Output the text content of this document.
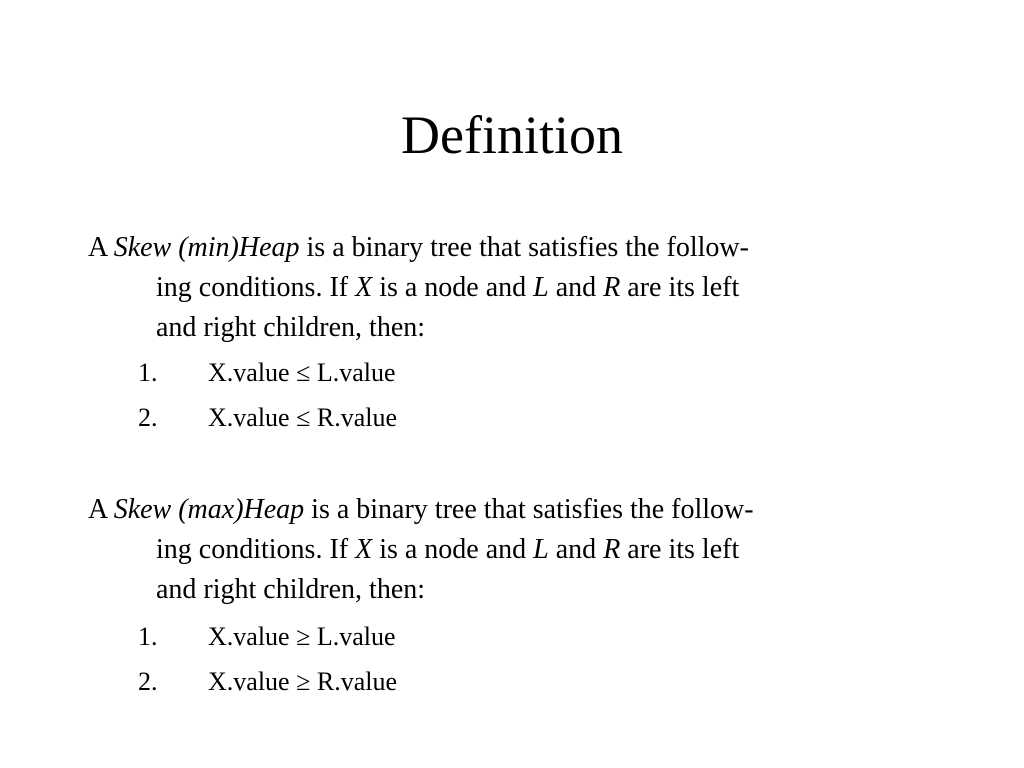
Definition

A Skew (min)Heap is a binary tree that satisfies the follow-
ing conditions. If X is a node and L and R are its left
and right children, then:

1. X.value ≤ L.value
2. X.value ≤ R.value

A Skew (max)Heap is a binary tree that satisfies the follow-
ing conditions. If X is a node and L and R are its left
and right children, then:

1. X.value ≥ L.value
2. X.value ≥ R.value
